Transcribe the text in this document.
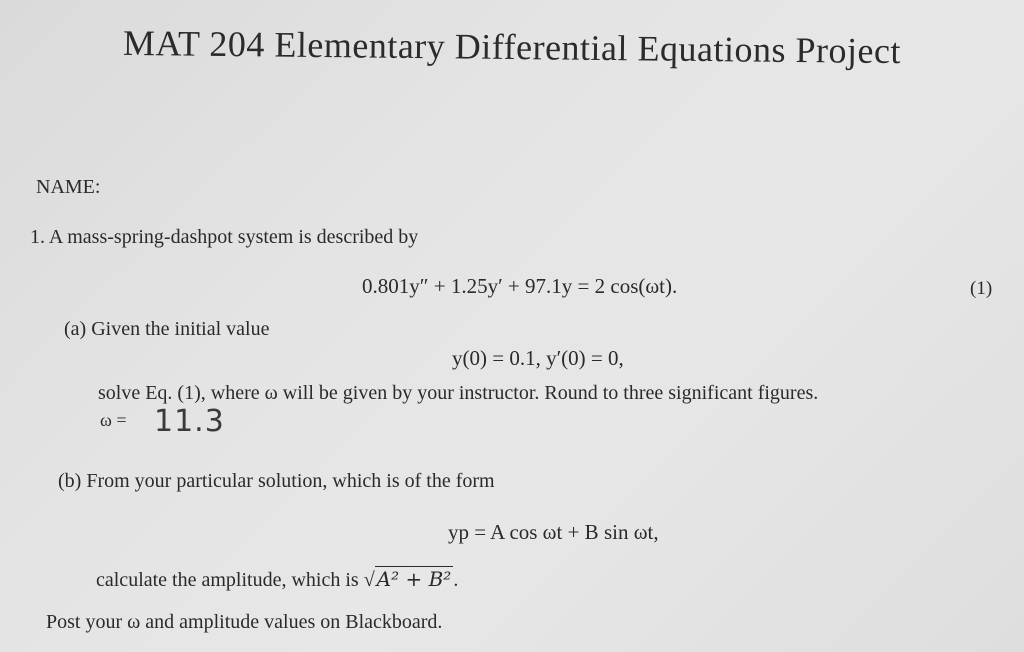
MAT 204 Elementary Differential Equations Project
NAME:
1. A mass-spring-dashpot system is described by
0.801y″ + 1.25y′ + 97.1y = 2 cos(ωt).	(1)
(a) Given the initial value
y(0) = 0.1, y′(0) = 0,
solve Eq. (1), where ω will be given by your instructor. Round to three significant figures.
ω = 11.3
(b) From your particular solution, which is of the form
yp = A cos ωt + B sin ωt,
calculate the amplitude, which is √ A² + B² .
Post your ω and amplitude values on Blackboard.
